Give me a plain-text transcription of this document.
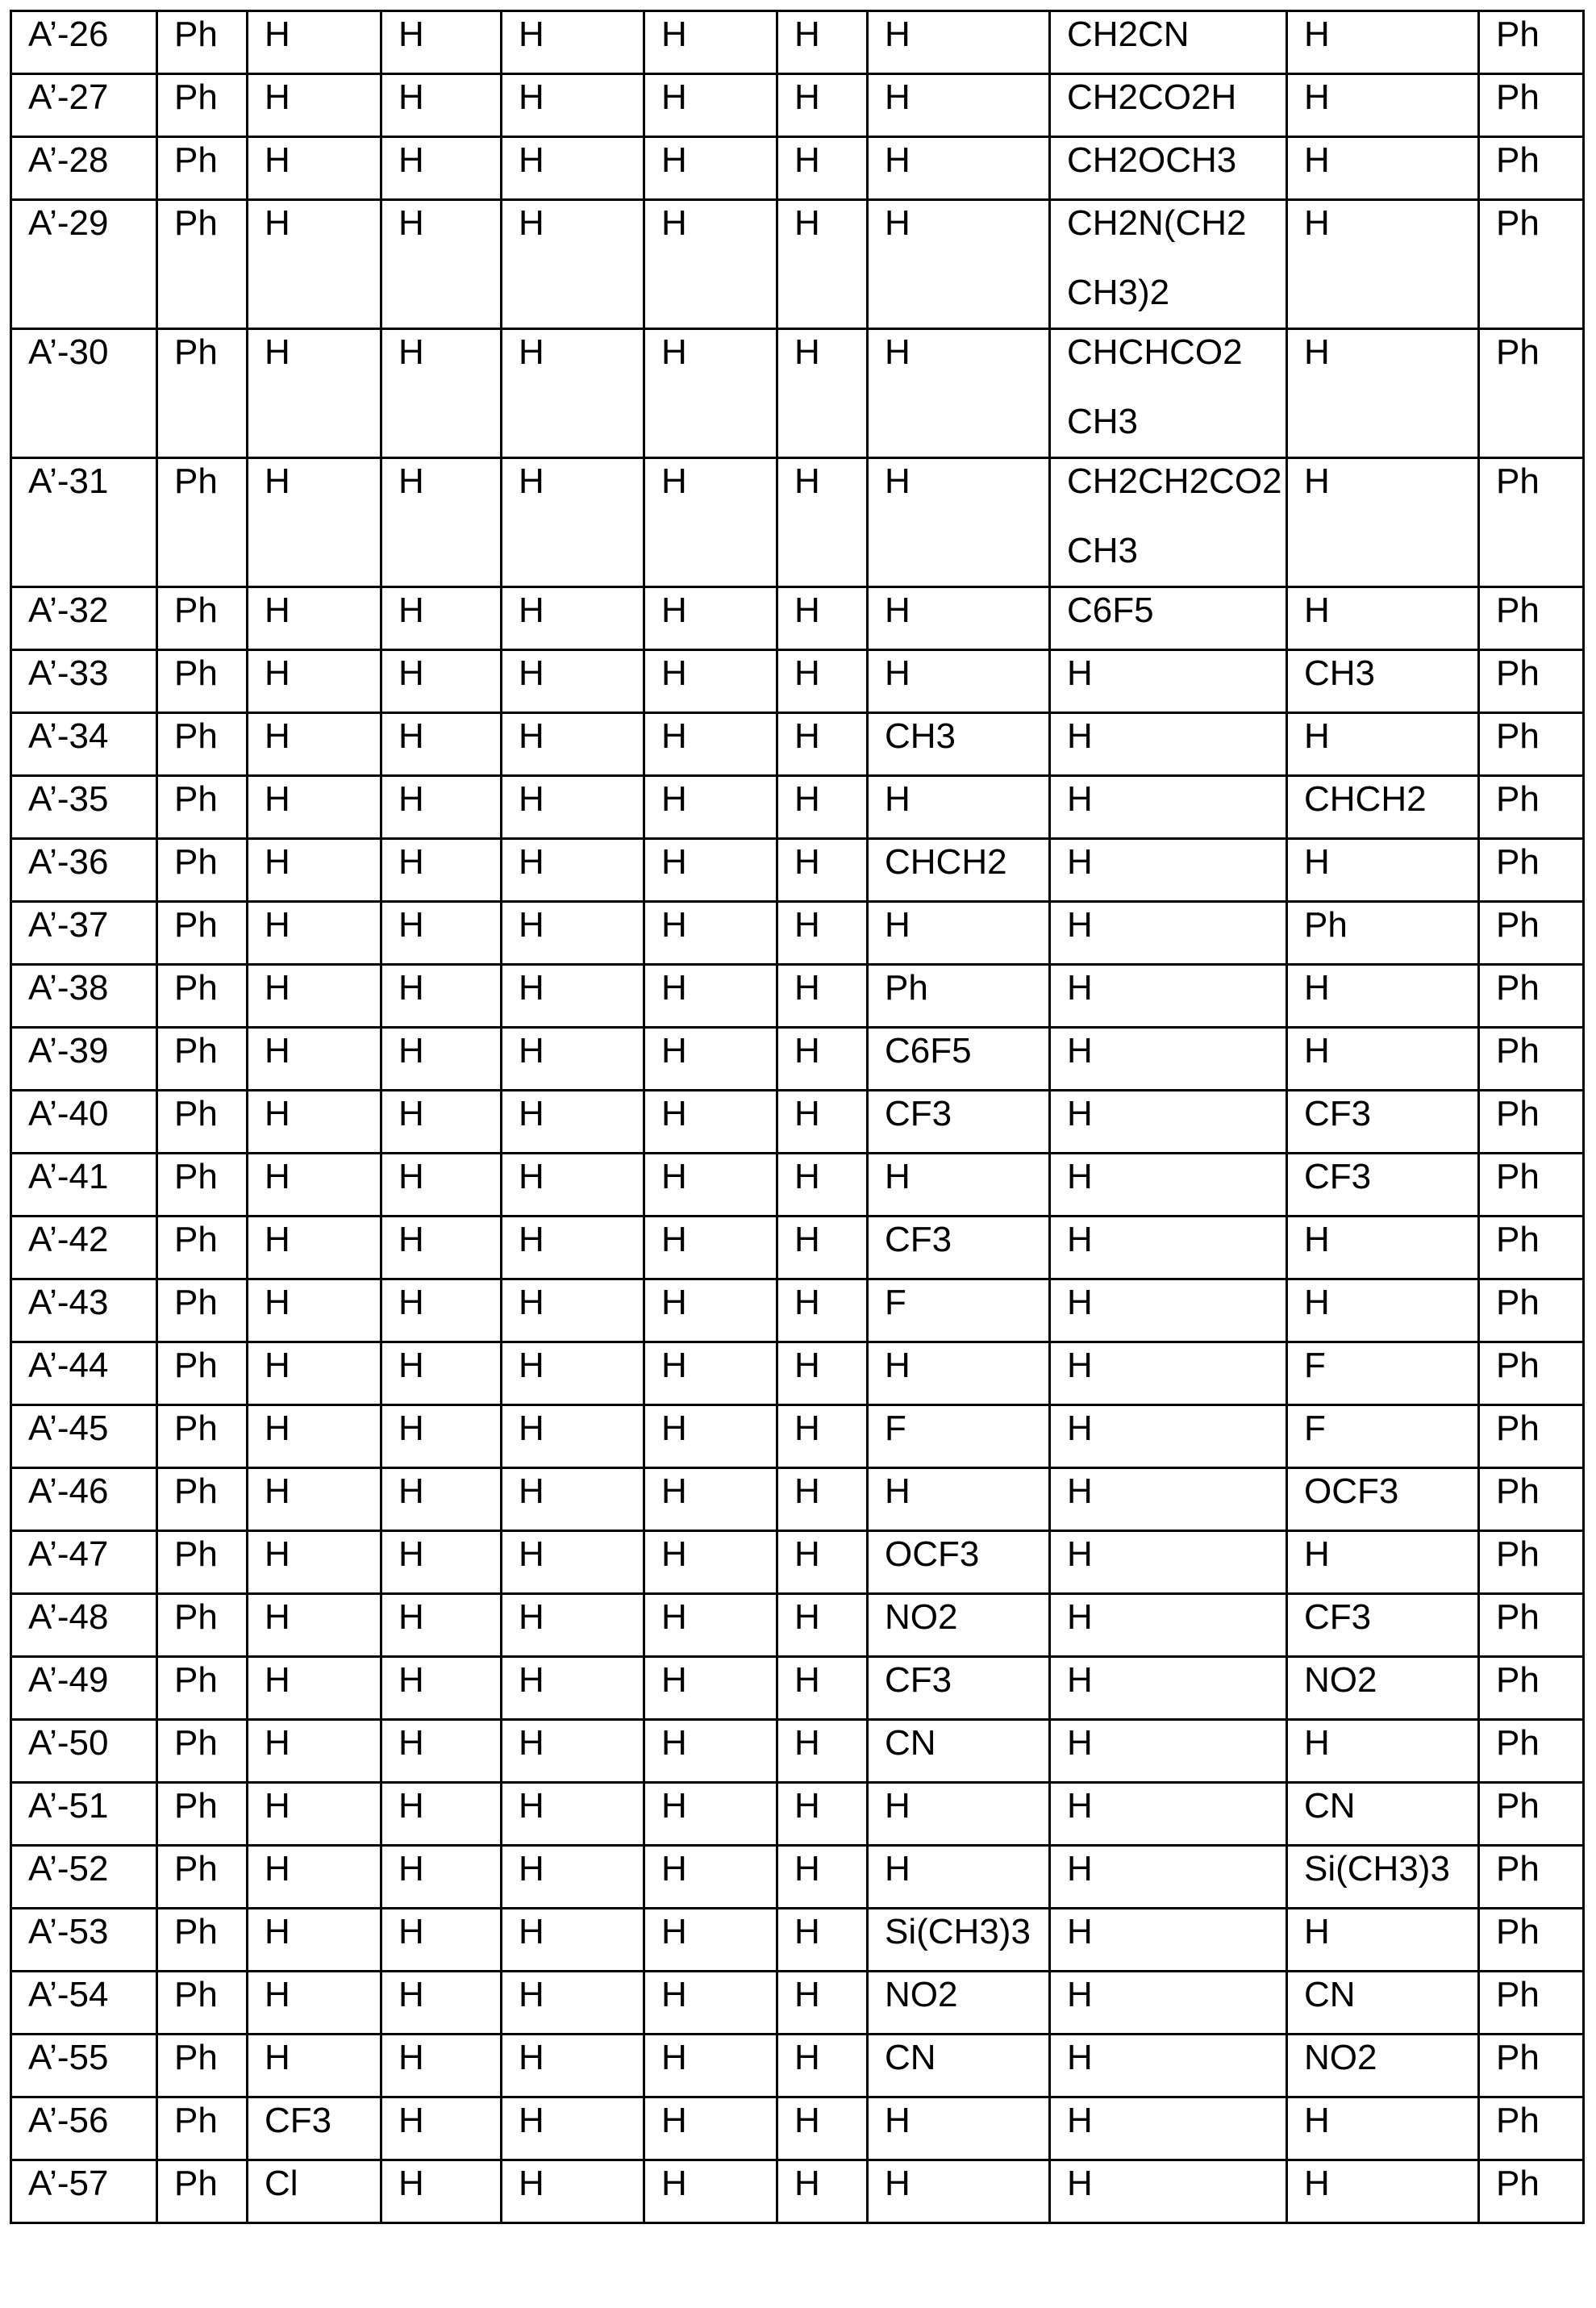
A’-26	Ph	H	H	H	H	H	H	CH2CN	H	Ph

A’-27	Ph	H	H	H	H	H	H	CH2CO2H	H	Ph

A’-28	Ph	H	H	H	H	H	H	CH2OCH3	H	Ph

A’-29	Ph	H	H	H	H	H	H	CH2N(CH2
CH3)2

H	Ph

A’-30	Ph	H	H	H	H	H	H	CHCHCO2
CH3

H	Ph

A’-31	Ph	H	H	H	H	H	H	CH2CH2CO2
CH3

H	Ph

A’-32	Ph	H	H	H	H	H	H	C6F5	H	Ph

A’-33	Ph	H	H	H	H	H	H	H	CH3	Ph

A’-34	Ph	H	H	H	H	H	CH3	H	H	Ph

A’-35	Ph	H	H	H	H	H	H	H	CHCH2	Ph

A’-36	Ph	H	H	H	H	H	CHCH2	H	H	Ph

A’-37	Ph	H	H	H	H	H	H	H	Ph	Ph

A’-38	Ph	H	H	H	H	H	Ph	H	H	Ph

A’-39	Ph	H	H	H	H	H	C6F5	H	H	Ph

A’-40	Ph	H	H	H	H	H	CF3	H	CF3	Ph

A’-41	Ph	H	H	H	H	H	H	H	CF3	Ph

A’-42	Ph	H	H	H	H	H	CF3	H	H	Ph

A’-43	Ph	H	H	H	H	H	F	H	H	Ph

A’-44	Ph	H	H	H	H	H	H	H	F	Ph

A’-45	Ph	H	H	H	H	H	F	H	F	Ph

A’-46	Ph	H	H	H	H	H	H	H	OCF3	Ph

A’-47	Ph	H	H	H	H	H	OCF3	H	H	Ph

A’-48	Ph	H	H	H	H	H	NO2	H	CF3	Ph

A’-49	Ph	H	H	H	H	H	CF3	H	NO2	Ph

A’-50	Ph	H	H	H	H	H	CN	H	H	Ph

A’-51	Ph	H	H	H	H	H	H	H	CN	Ph

A’-52	Ph	H	H	H	H	H	H	H	Si(CH3)3	Ph

A’-53	Ph	H	H	H	H	H	Si(CH3)3	H	H	Ph

A’-54	Ph	H	H	H	H	H	NO2	H	CN	Ph

A’-55	Ph	H	H	H	H	H	CN	H	NO2	Ph

A’-56	Ph	CF3	H	H	H	H	H	H	H	Ph

A’-57	Ph	Cl	H	H	H	H	H	H	H	Ph
